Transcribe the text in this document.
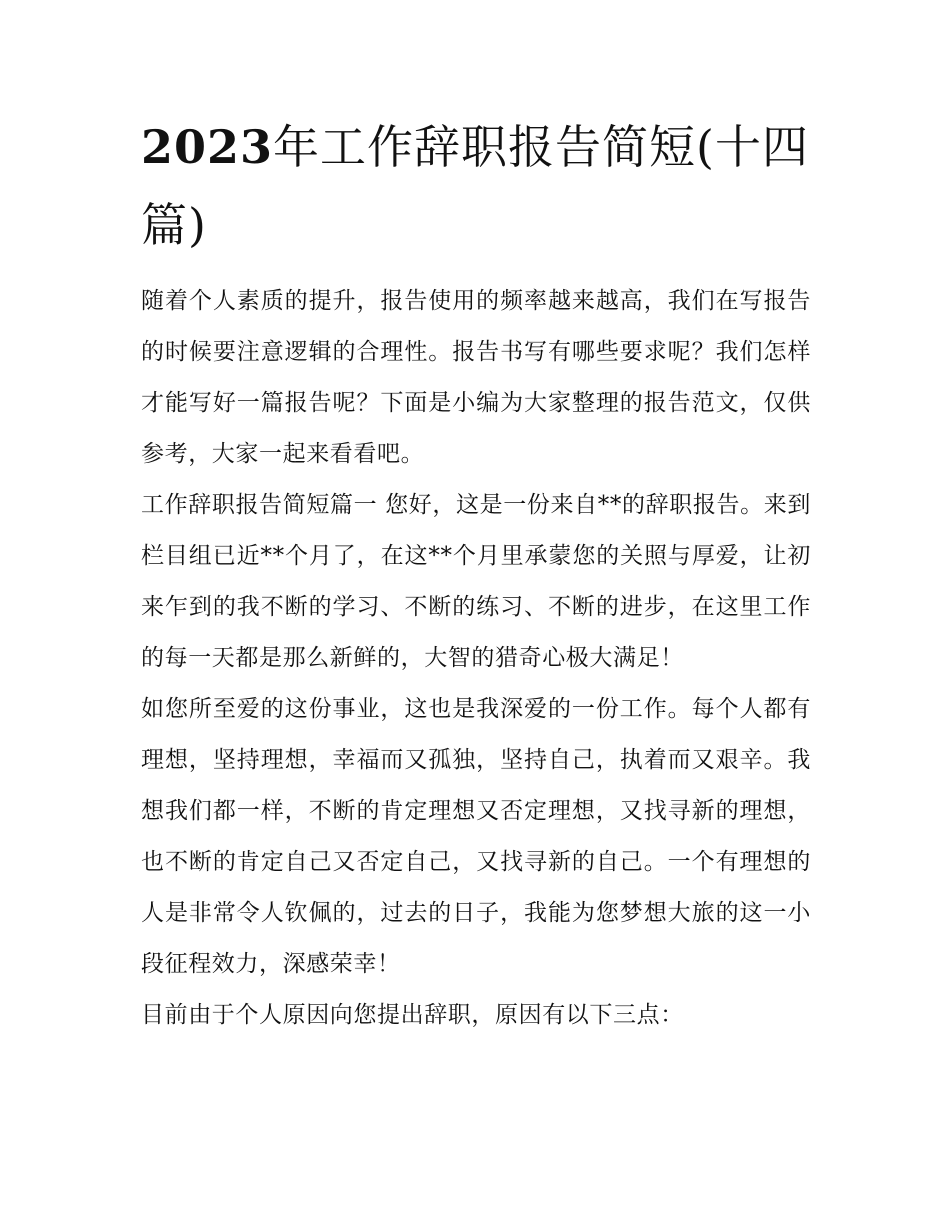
2023年工作辞职报告简短(十四篇)

随着个人素质的提升，报告使用的频率越来越高，我们在写报告的时候要注意逻辑的合理性。报告书写有哪些要求呢？我们怎样才能写好一篇报告呢？下面是小编为大家整理的报告范文，仅供参考，大家一起来看看吧。

工作辞职报告简短篇一 您好，这是一份来自**的辞职报告。来到栏目组已近**个月了，在这**个月里承蒙您的关照与厚爱，让初来乍到的我不断的学习、不断的练习、不断的进步，在这里工作的每一天都是那么新鲜的，大智的猎奇心极大满足！

如您所至爱的这份事业，这也是我深爱的一份工作。每个人都有理想，坚持理想，幸福而又孤独，坚持自己，执着而又艰辛。我想我们都一样，不断的肯定理想又否定理想，又找寻新的理想，也不断的肯定自己又否定自己，又找寻新的自己。一个有理想的人是非常令人钦佩的，过去的日子，我能为您梦想大旅的这一小段征程效力，深感荣幸！

目前由于个人原因向您提出辞职，原因有以下三点：
